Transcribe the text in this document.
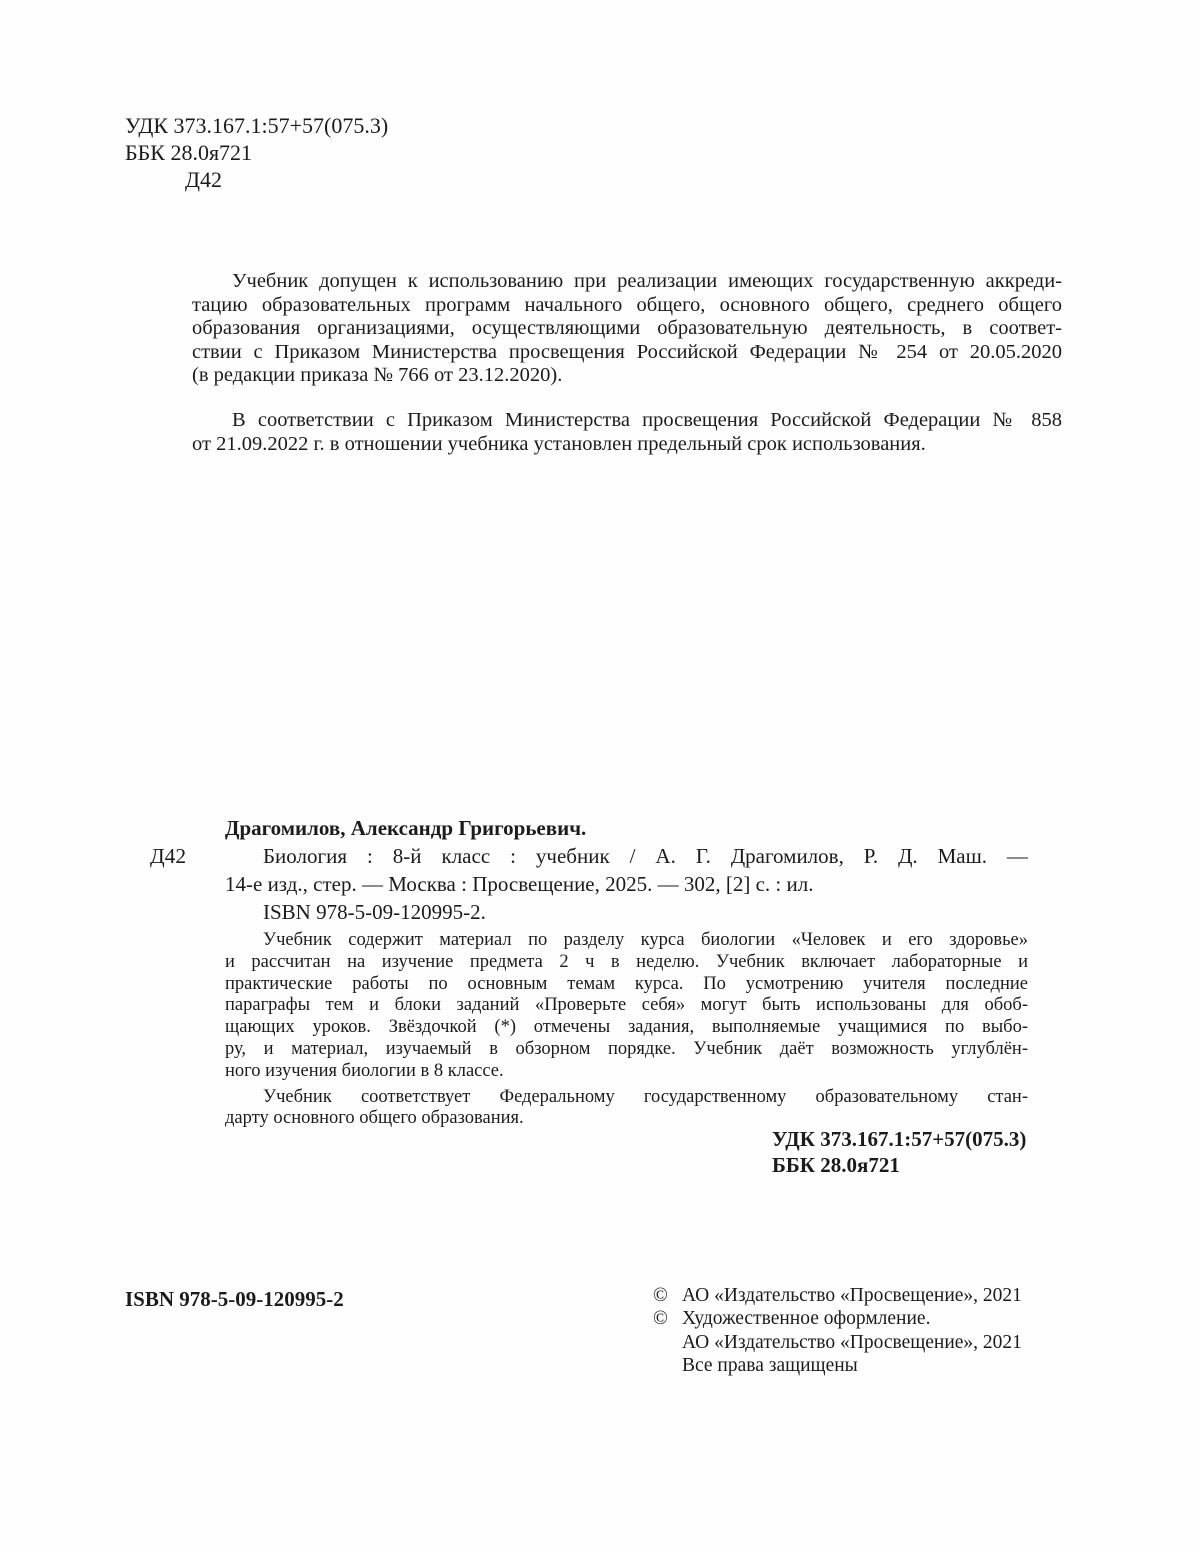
УДК 373.167.1:57+57(075.3)
ББК 28.0я721
Д42
Учебник допущен к использованию при реализации имеющих государственную аккреди-
тацию образовательных программ начального общего, основного общего, среднего общего
образования организациями, осуществляющими образовательную деятельность, в соответ-
ствии с Приказом Министерства просвещения Российской Федерации № 254 от 20.05.2020
(в редакции приказа № 766 от 23.12.2020).
В соответствии с Приказом Министерства просвещения Российской Федерации № 858
от 21.09.2022 г. в отношении учебника установлен предельный срок использования.
Д42
Драгомилов, Александр Григорьевич.
Биология : 8-й класс : учебник / А. Г. Драгомилов, Р. Д. Маш. —
14-е изд., стер. — Москва : Просвещение, 2025. — 302, [2] с. : ил.
ISBN 978-5-09-120995-2.
Учебник содержит материал по разделу курса биологии «Человек и его здоровье»
и рассчитан на изучение предмета 2 ч в неделю. Учебник включает лабораторные и
практические работы по основным темам курса. По усмотрению учителя последние
параграфы тем и блоки заданий «Проверьте себя» могут быть использованы для обоб-
щающих уроков. Звёздочкой (*) отмечены задания, выполняемые учащимися по выбо-
ру, и материал, изучаемый в обзорном порядке. Учебник даёт возможность углублён-
ного изучения биологии в 8 классе.
Учебник соответствует Федеральному государственному образовательному стан-
дарту основного общего образования.
УДК 373.167.1:57+57(075.3)
ББК 28.0я721
ISBN 978-5-09-120995-2	© АО «Издательство «Просвещение», 2021
© Художественное оформление.
АО «Издательство «Просвещение», 2021
Все права защищены
